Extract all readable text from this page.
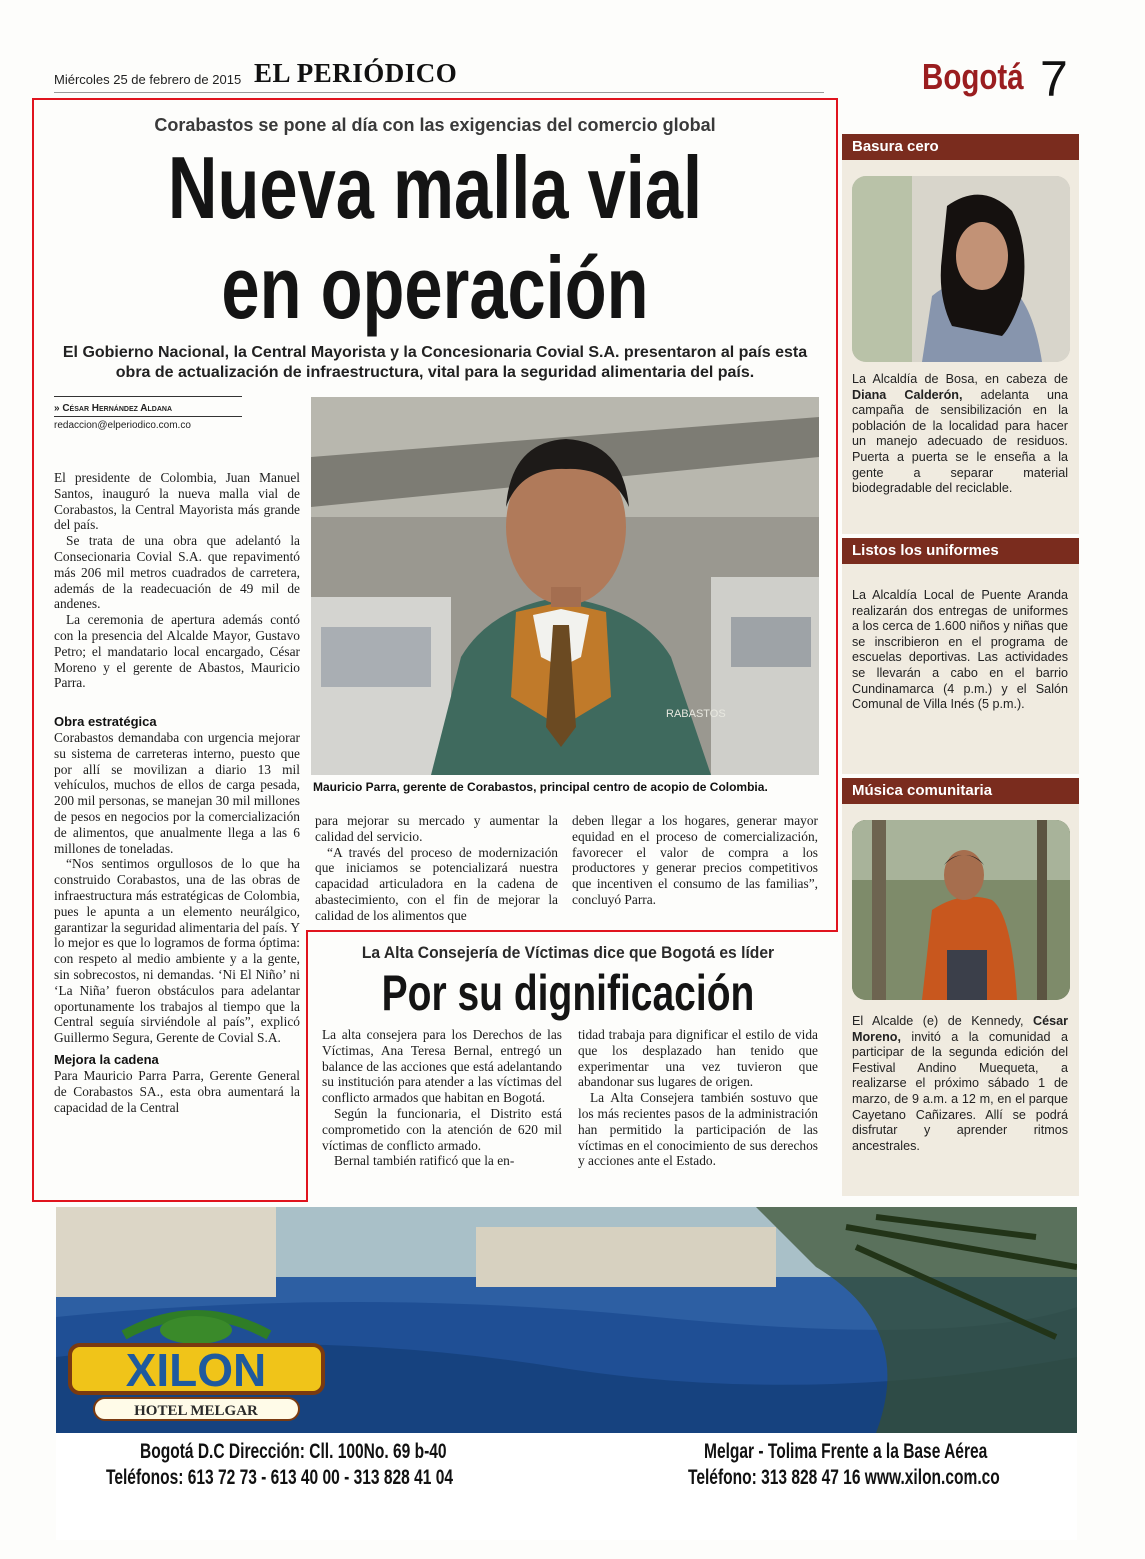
Miércoles 25 de febrero de 2015 EL PERIÓDICO	Bogotá 7
Corabastos se pone al día con las exigencias del comercio global
Nueva malla vial
en operación
El Gobierno Nacional, la Central Mayorista y la Concesionaria Covial S.A. presentaron al país esta obra de actualización de infraestructura, vital para la seguridad alimentaria del país.
» César Hernández Aldana
redaccion@elperiodico.com.co

El presidente de Colombia, Juan Manuel Santos, inauguró la nueva malla vial de Corabastos, la Central Mayorista más grande del país.

Se trata de una obra que adelantó la Consecionaria Covial S.A. que repavimentó más 206 mil metros cuadrados de carretera, además de la readecuación de 49 mil de andenes.

La ceremonia de apertura además contó con la presencia del Alcalde Mayor, Gustavo Petro; el mandatario local encargado, César Moreno y el gerente de Abastos, Mauricio Parra.

Obra estratégica

Corabastos demandaba con urgencia mejorar su sistema de carreteras interno, puesto que por allí se movilizan a diario 13 mil vehículos, muchos de ellos de carga pesada, 200 mil personas, se manejan 30 mil millones de pesos en negocios por la comercialización de alimentos, que anualmente llega a las 6 millones de toneladas.

“Nos sentimos orgullosos de lo que ha construido Corabastos, una de las obras de infraestructura más estratégicas de Colombia, pues le apunta a un elemento neurálgico, garantizar la seguridad alimentaria del país. Y lo mejor es que lo logramos de forma óptima: con respeto al medio ambiente y a la gente, sin sobrecostos, ni demandas. ‘Ni El Niño’ ni ‘La Niña’ fueron obstáculos para adelantar oportunamente los trabajos al tiempo que la Central seguía sirviéndole al país”, explicó Guillermo Segura, Gerente de Covial S.A.

Mejora la cadena

Para Mauricio Parra Parra, Gerente General de Corabastos SA., esta obra aumentará la capacidad de la Central

RABASTOS
Mauricio Parra, gerente de Corabastos, principal centro de acopio de Colombia.

para mejorar su mercado y aumentar la calidad del servicio.

“A través del proceso de modernización que iniciamos se potencializará nuestra capacidad articuladora en la cadena de abastecimiento, con el fin de mejorar la calidad de los alimentos que

deben llegar a los hogares, generar mayor equidad en el proceso de comercialización, favorecer el valor de compra a los productores y generar precios competitivos que incentiven el consumo de las familias”, concluyó Parra.

La Alta Consejería de Víctimas dice que Bogotá es líder
Por su dignificación

La alta consejera para los Derechos de las Víctimas, Ana Teresa Bernal, entregó un balance de las acciones que está adelantando su institución para atender a las víctimas del conflicto armados que habitan en Bogotá.

Según la funcionaria, el Distrito está comprometido con la atención de 620 mil víctimas de conflicto armado.

Bernal también ratificó que la en-

tidad trabaja para dignificar el estilo de vida que los desplazado han tenido que experimentar una vez tuvieron que abandonar sus lugares de origen.

La Alta Consejera también sostuvo que los más recientes pasos de la administración han permitido la participación de las víctimas en el conocimiento de sus derechos y acciones ante el Estado.

Basura cero
La Alcaldía de Bosa, en cabeza de Diana Calderón, adelanta una campaña de sensibilización en la población de la localidad para hacer un manejo adecuado de residuos. Puerta a puerta se le enseña a la gente a separar material biodegradable del reciclable.
Listos los uniformes
La Alcaldía Local de Puente Aranda realizarán dos entregas de uniformes a los cerca de 1.600 niños y niñas que se inscribieron en el programa de escuelas deportivas. Las actividades se llevarán a cabo en el barrio Cundinamarca (4 p.m.) y el Salón Comunal de Villa Inés (5 p.m.).
Música comunitaria
El Alcalde (e) de Kennedy, César Moreno, invitó a la comunidad a participar de la segunda edición del Festival Andino Muequeta, a realizarse el próximo sábado 1 de marzo, de 9 a.m. a 12 m, en el parque Cayetano Cañizares. Allí se podrá disfrutar y aprender ritmos ancestrales.
XILON
HOTEL MELGAR
Bogotá D.C Dirección: Cll. 100No. 69 b-40
Teléfonos: 613 72 73 - 613 40 00 - 313 828 41 04
Melgar - Tolima Frente a la Base Aérea
Teléfono: 313 828 47 16 www.xilon.com.co
